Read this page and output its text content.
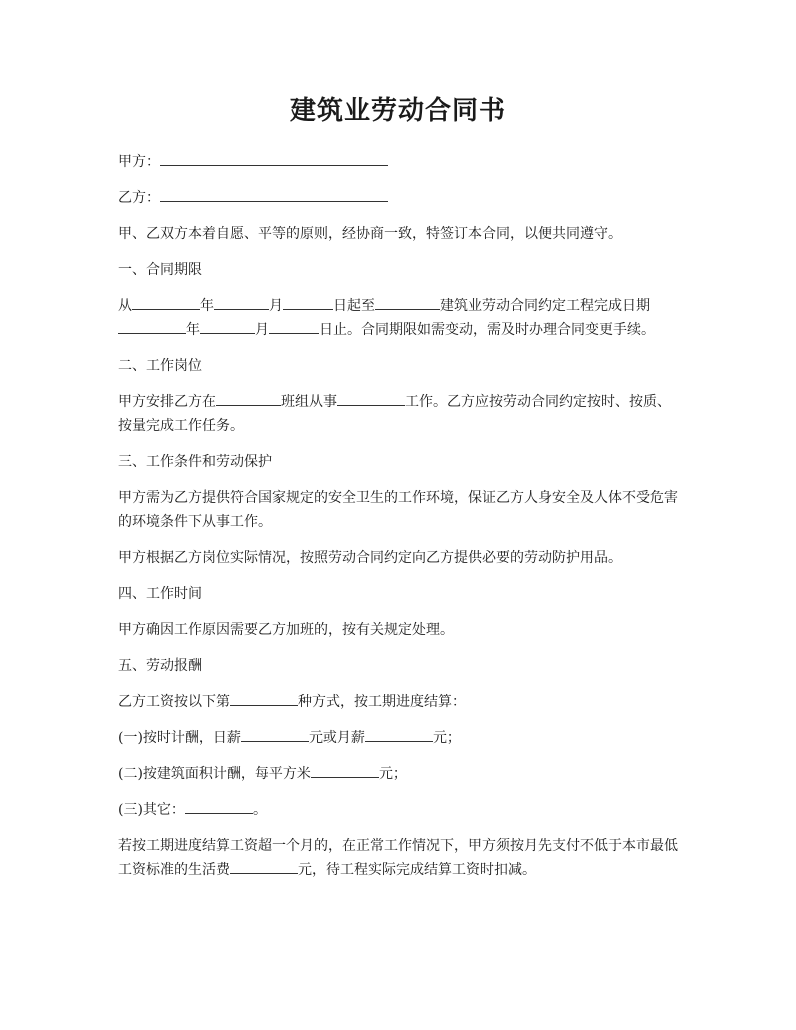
建筑业劳动合同书

甲方：

乙方：

甲、乙双方本着自愿、平等的原则，经协商一致，特签订本合同，以便共同遵守。

一、合同期限

从	年	月	日起至	建筑业劳动合同约定工程完成日期年	月	日止。合同期限如需变动，需及时办理合同变更手续。

二、工作岗位

甲方安排乙方在	班组从事	工作。乙方应按劳动合同约定按时、按质、按量完成工作任务。

三、工作条件和劳动保护

甲方需为乙方提供符合国家规定的安全卫生的工作环境，保证乙方人身安全及人体不受危害的环境条件下从事工作。

甲方根据乙方岗位实际情况，按照劳动合同约定向乙方提供必要的劳动防护用品。

四、工作时间

甲方确因工作原因需要乙方加班的，按有关规定处理。

五、劳动报酬

乙方工资按以下第	种方式，按工期进度结算：

(一)按时计酬，日薪	元或月薪	元；

(二)按建筑面积计酬，每平方米	元；

(三)其它：	。

若按工期进度结算工资超一个月的，在正常工作情况下，甲方须按月先支付不低于本市最低工资标准的生活费	元，待工程实际完成结算工资时扣减。
